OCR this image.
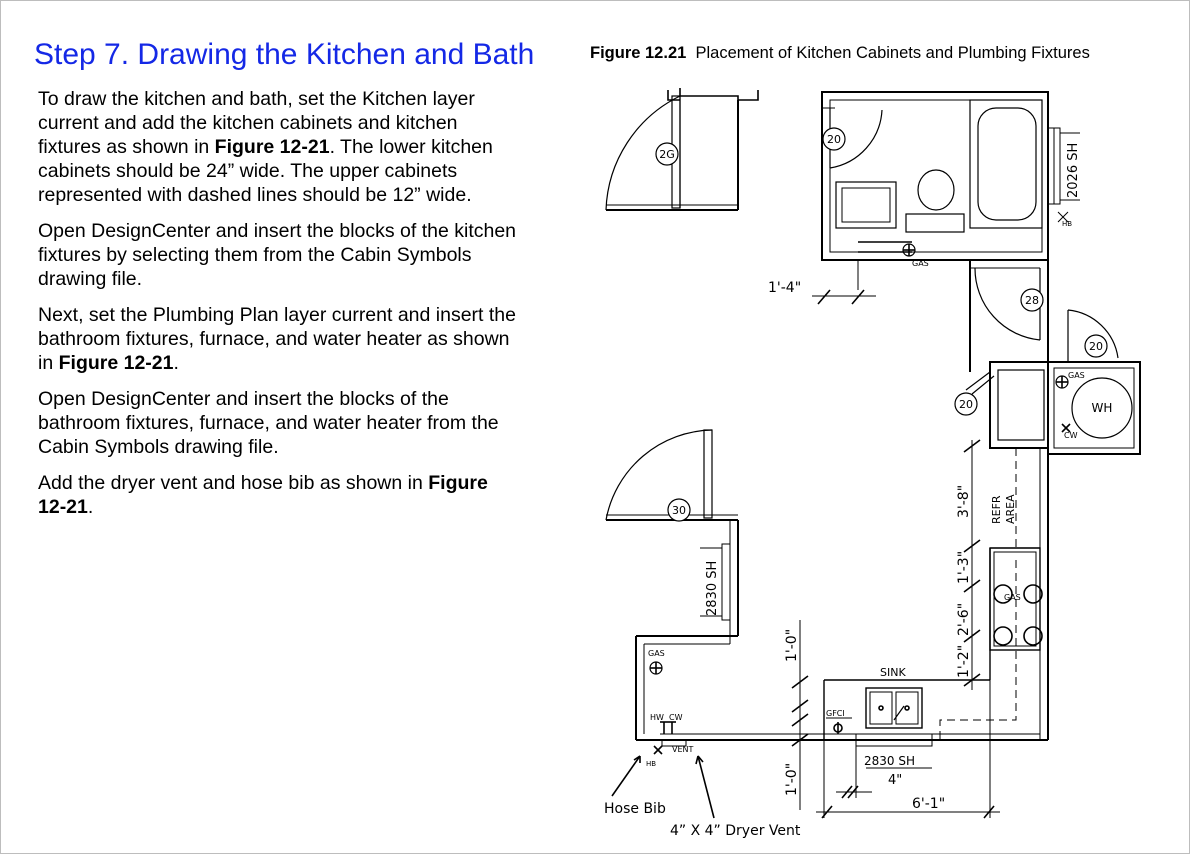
Step 7. Drawing the Kitchen and Bath

To draw the kitchen and bath, set the Kitchen layer current and add the kitchen cabinets and kitchen fixtures as shown in Figure 12-21. The lower kitchen cabinets should be 24” wide. The upper cabinets represented with dashed lines should be 12” wide.

Open DesignCenter and insert the blocks of the kitchen fixtures by selecting them from the Cabin Symbols drawing file.

Next, set the Plumbing Plan layer current and insert the bathroom fixtures, furnace, and water heater as shown in Figure 12-21.

Open DesignCenter and insert the blocks of the bathroom fixtures, furnace, and water heater from the Cabin Symbols drawing file.

Add the dryer vent and hose bib as shown in Figure 12-21.

Figure 12.21 Placement of Kitchen Cabinets and Plumbing Fixtures
2G
20
28
20
20
30
2026 SH
HB
GAS
1'-4"
GAS
WH
CW
3'-8" REFR AREA
1'-3"
GAS
2'-6"
1'-2"
2830 SH
GAS
HW  CW
VENT
HB
1'-0"
SINK
GFCI
2830 SH
1'-0"	4"
6'-1"
Hose Bib
4” X 4” Dryer Vent
